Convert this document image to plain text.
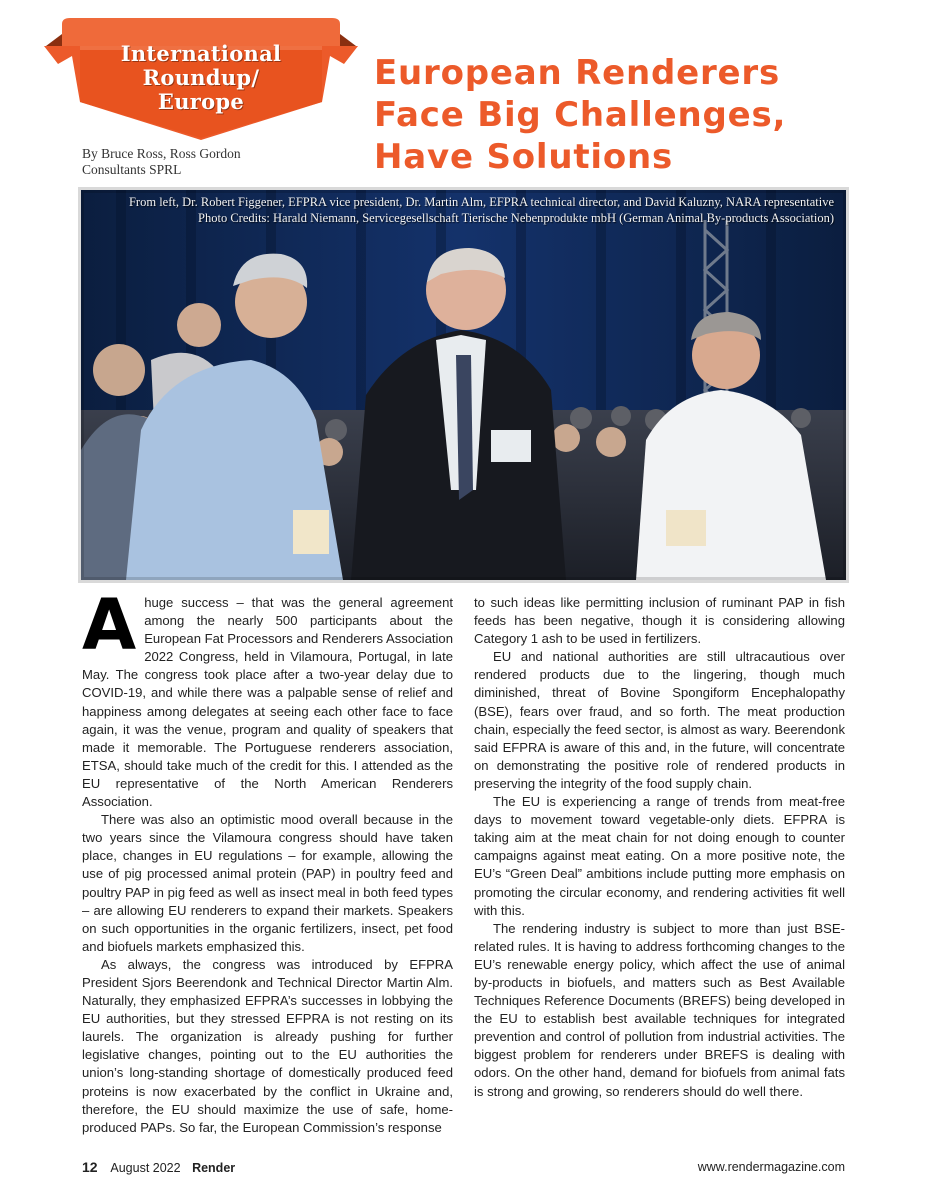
International
Roundup/
Europe
European Renderers
Face Big Challenges,
Have Solutions
By Bruce Ross, Ross Gordon
Consultants SPRL
From left, Dr. Robert Figgener, EFPRA vice president, Dr. Martin Alm, EFPRA technical director, and David Kaluzny, NARA representative
Photo Credits: Harald Niemann, Servicegesellschaft Tierische Nebenprodukte mbH (German Animal By-products Association)

Ahuge success – that was the general agreement among the nearly 500 participants about the European Fat Processors and Renderers Association 2022 Congress, held in Vilamoura, Portugal, in late May. The congress took place after a two-year delay due to COVID-19, and while there was a palpable sense of relief and happiness among delegates at seeing each other face to face again, it was the venue, program and quality of speakers that made it memorable. The Portuguese renderers association, ETSA, should take much of the credit for this. I attended as the EU representative of the North American Renderers Association.

There was also an optimistic mood overall because in the two years since the Vilamoura congress should have taken place, changes in EU regulations – for example, allowing the use of pig processed animal protein (PAP) in poultry feed and poultry PAP in pig feed as well as insect meal in both feed types – are allowing EU renderers to expand their markets. Speakers on such opportunities in the organic fertilizers, insect, pet food and biofuels markets emphasized this.

As always, the congress was introduced by EFPRA President Sjors Beerendonk and Technical Director Martin Alm. Naturally, they emphasized EFPRA’s successes in lobbying the EU authorities, but they stressed EFPRA is not resting on its laurels. The organization is already pushing for further legislative changes, pointing out to the EU authorities the union’s long-standing shortage of domestically produced feed proteins is now exacerbated by the conflict in Ukraine and, therefore, the EU should maximize the use of safe, home-produced PAPs. So far, the European Commission’s response

to such ideas like permitting inclusion of ruminant PAP in fish feeds has been negative, though it is considering allowing Category 1 ash to be used in fertilizers.

EU and national authorities are still ultracautious over rendered products due to the lingering, though much diminished, threat of Bovine Spongiform Encephalopathy (BSE), fears over fraud, and so forth. The meat production chain, especially the feed sector, is almost as wary. Beerendonk said EFPRA is aware of this and, in the future, will concentrate on demonstrating the positive role of rendered products in preserving the integrity of the food supply chain.

The EU is experiencing a range of trends from meat-free days to movement toward vegetable-only diets. EFPRA is taking aim at the meat chain for not doing enough to counter campaigns against meat eating. On a more positive note, the EU’s “Green Deal” ambitions include putting more emphasis on promoting the circular economy, and rendering activities fit well with this.

The rendering industry is subject to more than just BSE-related rules. It is having to address forthcoming changes to the EU’s renewable energy policy, which affect the use of animal by-products in biofuels, and matters such as Best Available Techniques Reference Documents (BREFS) being developed in the EU to establish best available techniques for integrated prevention and control of pollution from industrial activities. The biggest problem for renderers under BREFS is dealing with odors. On the other hand, demand for biofuels from animal fats is strong and growing, so renderers should do well there.

12 August 2022 Render	www.rendermagazine.com
